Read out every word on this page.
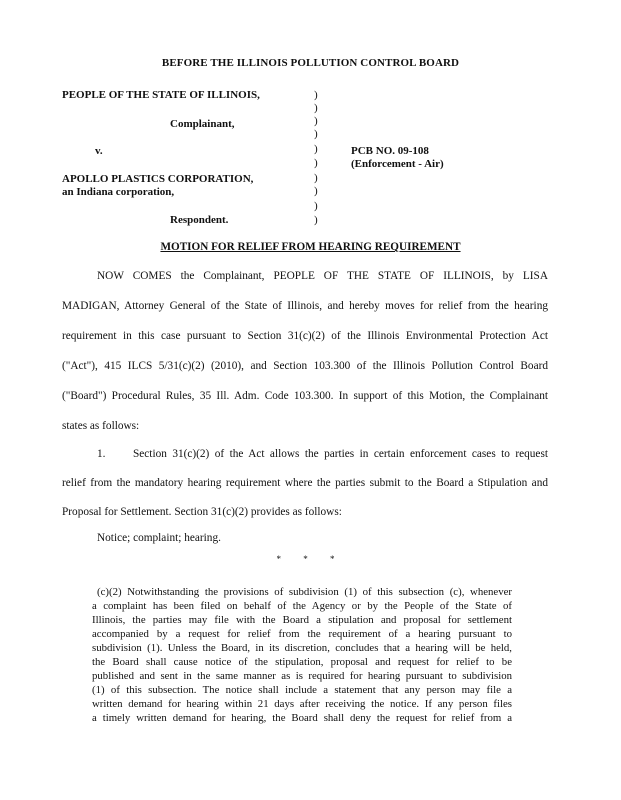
BEFORE THE ILLINOIS POLLUTION CONTROL BOARD
PEOPLE OF THE STATE OF ILLINOIS,
Complainant,
v.
APOLLO PLASTICS CORPORATION,
an Indiana corporation,
Respondent.
)
)
)
)
)
)
)
)
)
)
PCB NO. 09-108
(Enforcement - Air)
MOTION FOR RELIEF FROM HEARING REQUIREMENT
NOW COMES the Complainant, PEOPLE OF THE STATE OF ILLINOIS, by LISA
MADIGAN, Attorney General of the State of Illinois, and hereby moves for relief from the hearing
requirement in this case pursuant to Section 31(c)(2) of the Illinois Environmental Protection Act
("Act"), 415 ILCS 5/31(c)(2) (2010), and Section 103.300 of the Illinois Pollution Control Board
("Board") Procedural Rules, 35 Ill. Adm. Code 103.300. In support of this Motion, the Complainant
states as follows:
1.	Section 31(c)(2) of the Act allows the parties in certain enforcement cases to request
relief from the mandatory hearing requirement where the parties submit to the Board a Stipulation and
Proposal for Settlement. Section 31(c)(2) provides as follows:
Notice; complaint; hearing.
* * *
(c)(2) Notwithstanding the provisions of subdivision (1) of this subsection (c), whenever
a complaint has been filed on behalf of the Agency or by the People of the State of
Illinois, the parties may file with the Board a stipulation and proposal for settlement
accompanied by a request for relief from the requirement of a hearing pursuant to
subdivision (1). Unless the Board, in its discretion, concludes that a hearing will be held,
the Board shall cause notice of the stipulation, proposal and request for relief to be
published and sent in the same manner as is required for hearing pursuant to subdivision
(1) of this subsection. The notice shall include a statement that any person may file a
written demand for hearing within 21 days after receiving the notice. If any person files
a timely written demand for hearing, the Board shall deny the request for relief from a
